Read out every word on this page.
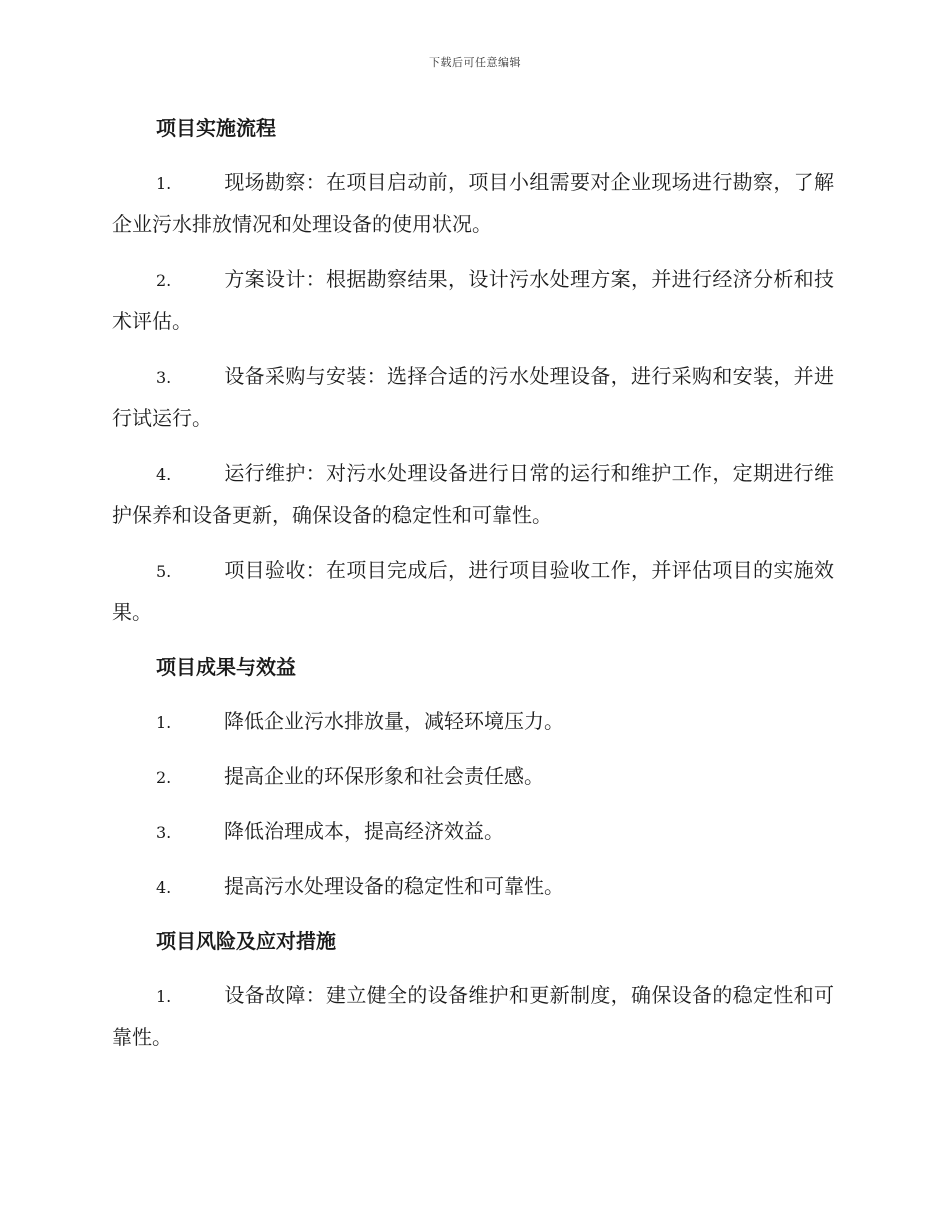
下载后可任意编辑
项目实施流程
1.	现场勘察：在项目启动前，项目小组需要对企业现场进行勘察，了解企业污水排放情况和处理设备的使用状况。
2.	方案设计：根据勘察结果，设计污水处理方案，并进行经济分析和技术评估。
3.	设备采购与安装：选择合适的污水处理设备，进行采购和安装，并进行试运行。
4.	运行维护：对污水处理设备进行日常的运行和维护工作，定期进行维护保养和设备更新，确保设备的稳定性和可靠性。
5.	项目验收：在项目完成后，进行项目验收工作，并评估项目的实施效果。
项目成果与效益
1.	降低企业污水排放量，减轻环境压力。
2.	提高企业的环保形象和社会责任感。
3.	降低治理成本，提高经济效益。
4.	提高污水处理设备的稳定性和可靠性。
项目风险及应对措施
1.	设备故障：建立健全的设备维护和更新制度，确保设备的稳定性和可靠性。
